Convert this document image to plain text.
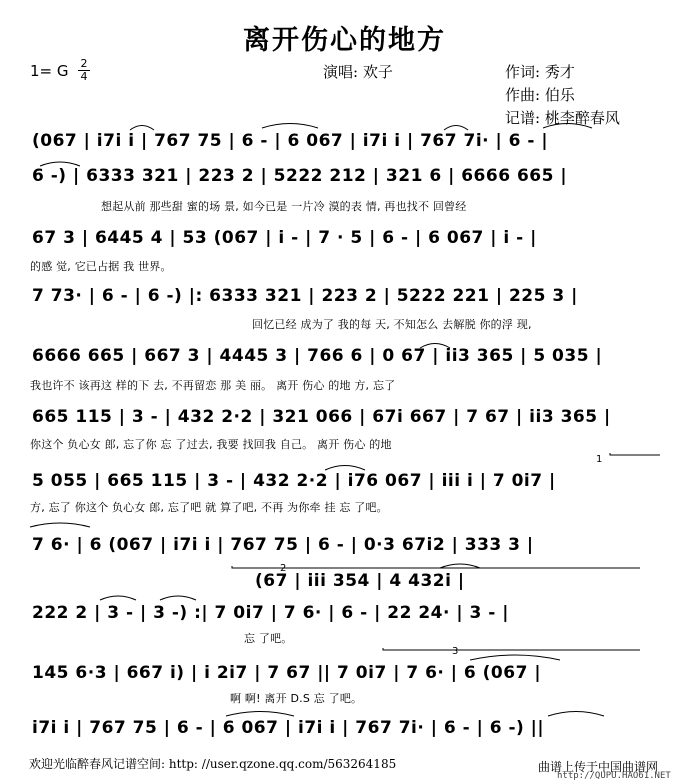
离开伤心的地方
1= G 2
4	演唱: 欢子	作词: 秀才
作曲: 伯乐
记谱: 桃李醉春风
(067 | i7i i | 767 75 | 6 - | 6 067 | i7i i | 767 7i· | 6 - |
6 -) | 6333 321 | 223 2 | 5222 212 | 321 6 | 6666 665 |
想起从前 那些甜 蜜的场 景, 如今已是 一片冷 漠的表 情, 再也找不 回曾经
67 3 | 6445 4 | 53 (067 | i - | 7 · 5 | 6 - | 6 067 | i - |
的感 觉, 它已占据 我 世界。
7 73· | 6 - | 6 -) |: 6333 321 | 223 2 | 5222 221 | 225 3 |
回忆已经 成为了 我的每 天, 不知怎么 去解脱 你的浮 现,
6666 665 | 667 3 | 4445 3 | 766 6 | 0 67 | ii3 365 | 5 035 |
我也许不 该再这 样的下 去, 不再留恋 那 美 丽。 离开 伤心 的地 方, 忘了
665 115 | 3 - | 432 2·2 | 321 066 | 67i 667 | 7 67 | ii3 365 |
你这个 负心女 郎, 忘了你 忘 了过去, 我要 找回我 自己。 离开 伤心 的地
5 055 | 665 115 | 3 - | 432 2·2 | i76 067 | iii i | 7 0i7 |
方, 忘了 你这个 负心女 郎, 忘了吧 就 算了吧, 不再 为你牵 挂 忘 了吧。
7 6· | 6 (067 | i7i i | 767 75 | 6 - | 0·3 67i2 | 333 3 |
(67 | iii 354 | 4 432i |
222 2 | 3 - | 3 -) :| 7 0i7 | 7 6· | 6 - | 22 24· | 3 - |
忘 了吧。
145 6·3 | 667 i) | i 2i7 | 7 67 || 7 0i7 | 7 6· | 6 (067 |
啊 啊! 离开 D.S 忘 了吧。
i7i i | 767 75 | 6 - | 6 067 | i7i i | 767 7i· | 6 - | 6 -) ||
1
2
3
欢迎光临醉春风记谱空间: http: //user.qzone.qq.com/563264185	曲谱上传于中国曲谱网
http://QUPU.HAO61.NET
